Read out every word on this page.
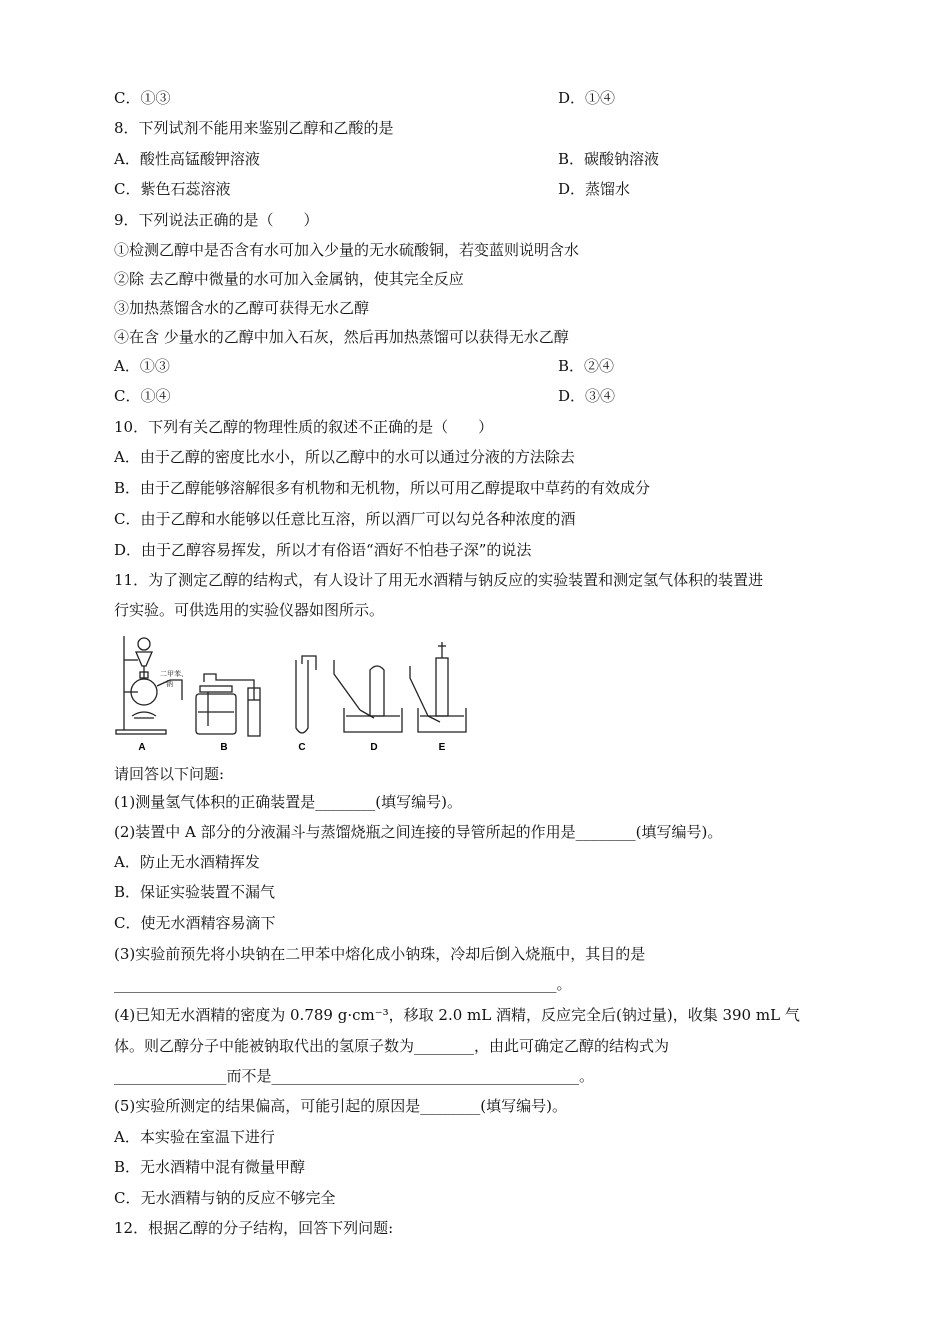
C．①③	D．①④
8．下列试剂不能用来鉴别乙醇和乙酸的是
A．酸性高锰酸钾溶液	B．碳酸钠溶液
C．紫色石蕊溶液	D．蒸馏水
9．下列说法正确的是（　　）
①检测乙醇中是否含有水可加入少量的无水硫酸铜，若变蓝则说明含水
②除 去乙醇中微量的水可加入金属钠，使其完全反应
③加热蒸馏含水的乙醇可获得无水乙醇
④在含 少量水的乙醇中加入石灰，然后再加热蒸馏可以获得无水乙醇
A．①③	B．②④
C．①④	D．③④
10．下列有关乙醇的物理性质的叙述不正确的是（　　）
A．由于乙醇的密度比水小，所以乙醇中的水可以通过分液的方法除去
B．由于乙醇能够溶解很多有机物和无机物，所以可用乙醇提取中草药的有效成分
C．由于乙醇和水能够以任意比互溶，所以酒厂可以勾兑各种浓度的酒
D．由于乙醇容易挥发，所以才有俗语“酒好不怕巷子深”的说法
11．为了测定乙醇的结构式，有人设计了用无水酒精与钠反应的实验装置和测定氢气体积的装置进
行实验。可供选用的实验仪器如图所示。
A	B	C	D	E
二甲苯、
钠
请回答以下问题:
(1)测量氢气体积的正确装置是________(填写编号)。
(2)装置中 A 部分的分液漏斗与蒸馏烧瓶之间连接的导管所起的作用是________(填写编号)。
A．防止无水酒精挥发
B．保证实验装置不漏气
C．使无水酒精容易滴下
(3)实验前预先将小块钠在二甲苯中熔化成小钠珠，冷却后倒入烧瓶中，其目的是
___________________________________________________________。
(4)已知无水酒精的密度为 0.789 g·cm⁻³，移取 2.0 mL 酒精，反应完全后(钠过量)，收集 390 mL 气
体。则乙醇分子中能被钠取代出的氢原子数为________，由此可确定乙醇的结构式为
_______________而不是_________________________________________。
(5)实验所测定的结果偏高，可能引起的原因是________(填写编号)。
A．本实验在室温下进行
B．无水酒精中混有微量甲醇
C．无水酒精与钠的反应不够完全
12．根据乙醇的分子结构，回答下列问题:
